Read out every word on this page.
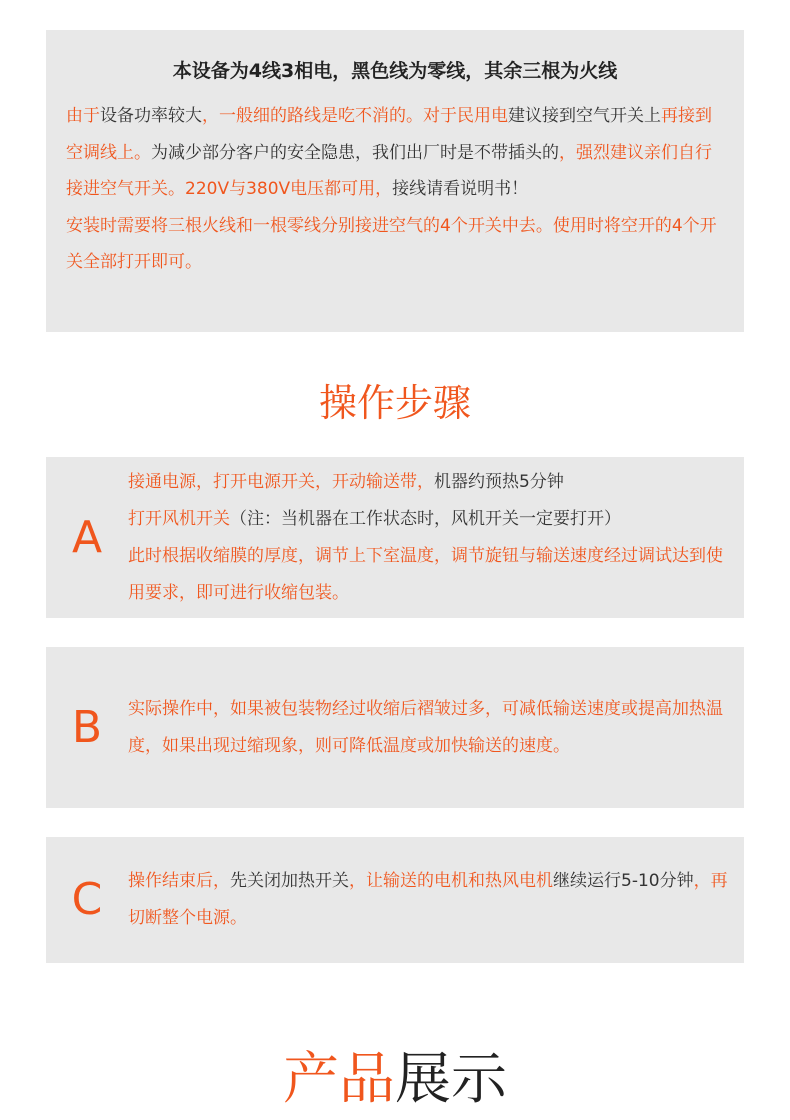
本设备为4线3相电，黑色线为零线，其余三根为火线
由于设备功率较大，一般细的路线是吃不消的。对于民用电建议接到空气开关上再接到空调线上。为减少部分客户的安全隐患，我们出厂时是不带插头的，强烈建议亲们自行接进空气开关。220V与380V电压都可用，接线请看说明书！
安装时需要将三根火线和一根零线分别接进空气的4个开关中去。使用时将空开的4个开关全部打开即可。
操作步骤
A
接通电源，打开电源开关，开动输送带，机器约预热5分钟
打开风机开关（注：当机器在工作状态时，风机开关一定要打开）
此时根据收缩膜的厚度，调节上下室温度，调节旋钮与输送速度经过调试达到使用要求，即可进行收缩包装。
B	实际操作中，如果被包装物经过收缩后褶皱过多，可减低输送速度或提高加热温度，如果出现过缩现象，则可降低温度或加快输送的速度。
C	操作结束后，先关闭加热开关，让输送的电机和热风电机继续运行5-10分钟，再切断整个电源。
产品展示
